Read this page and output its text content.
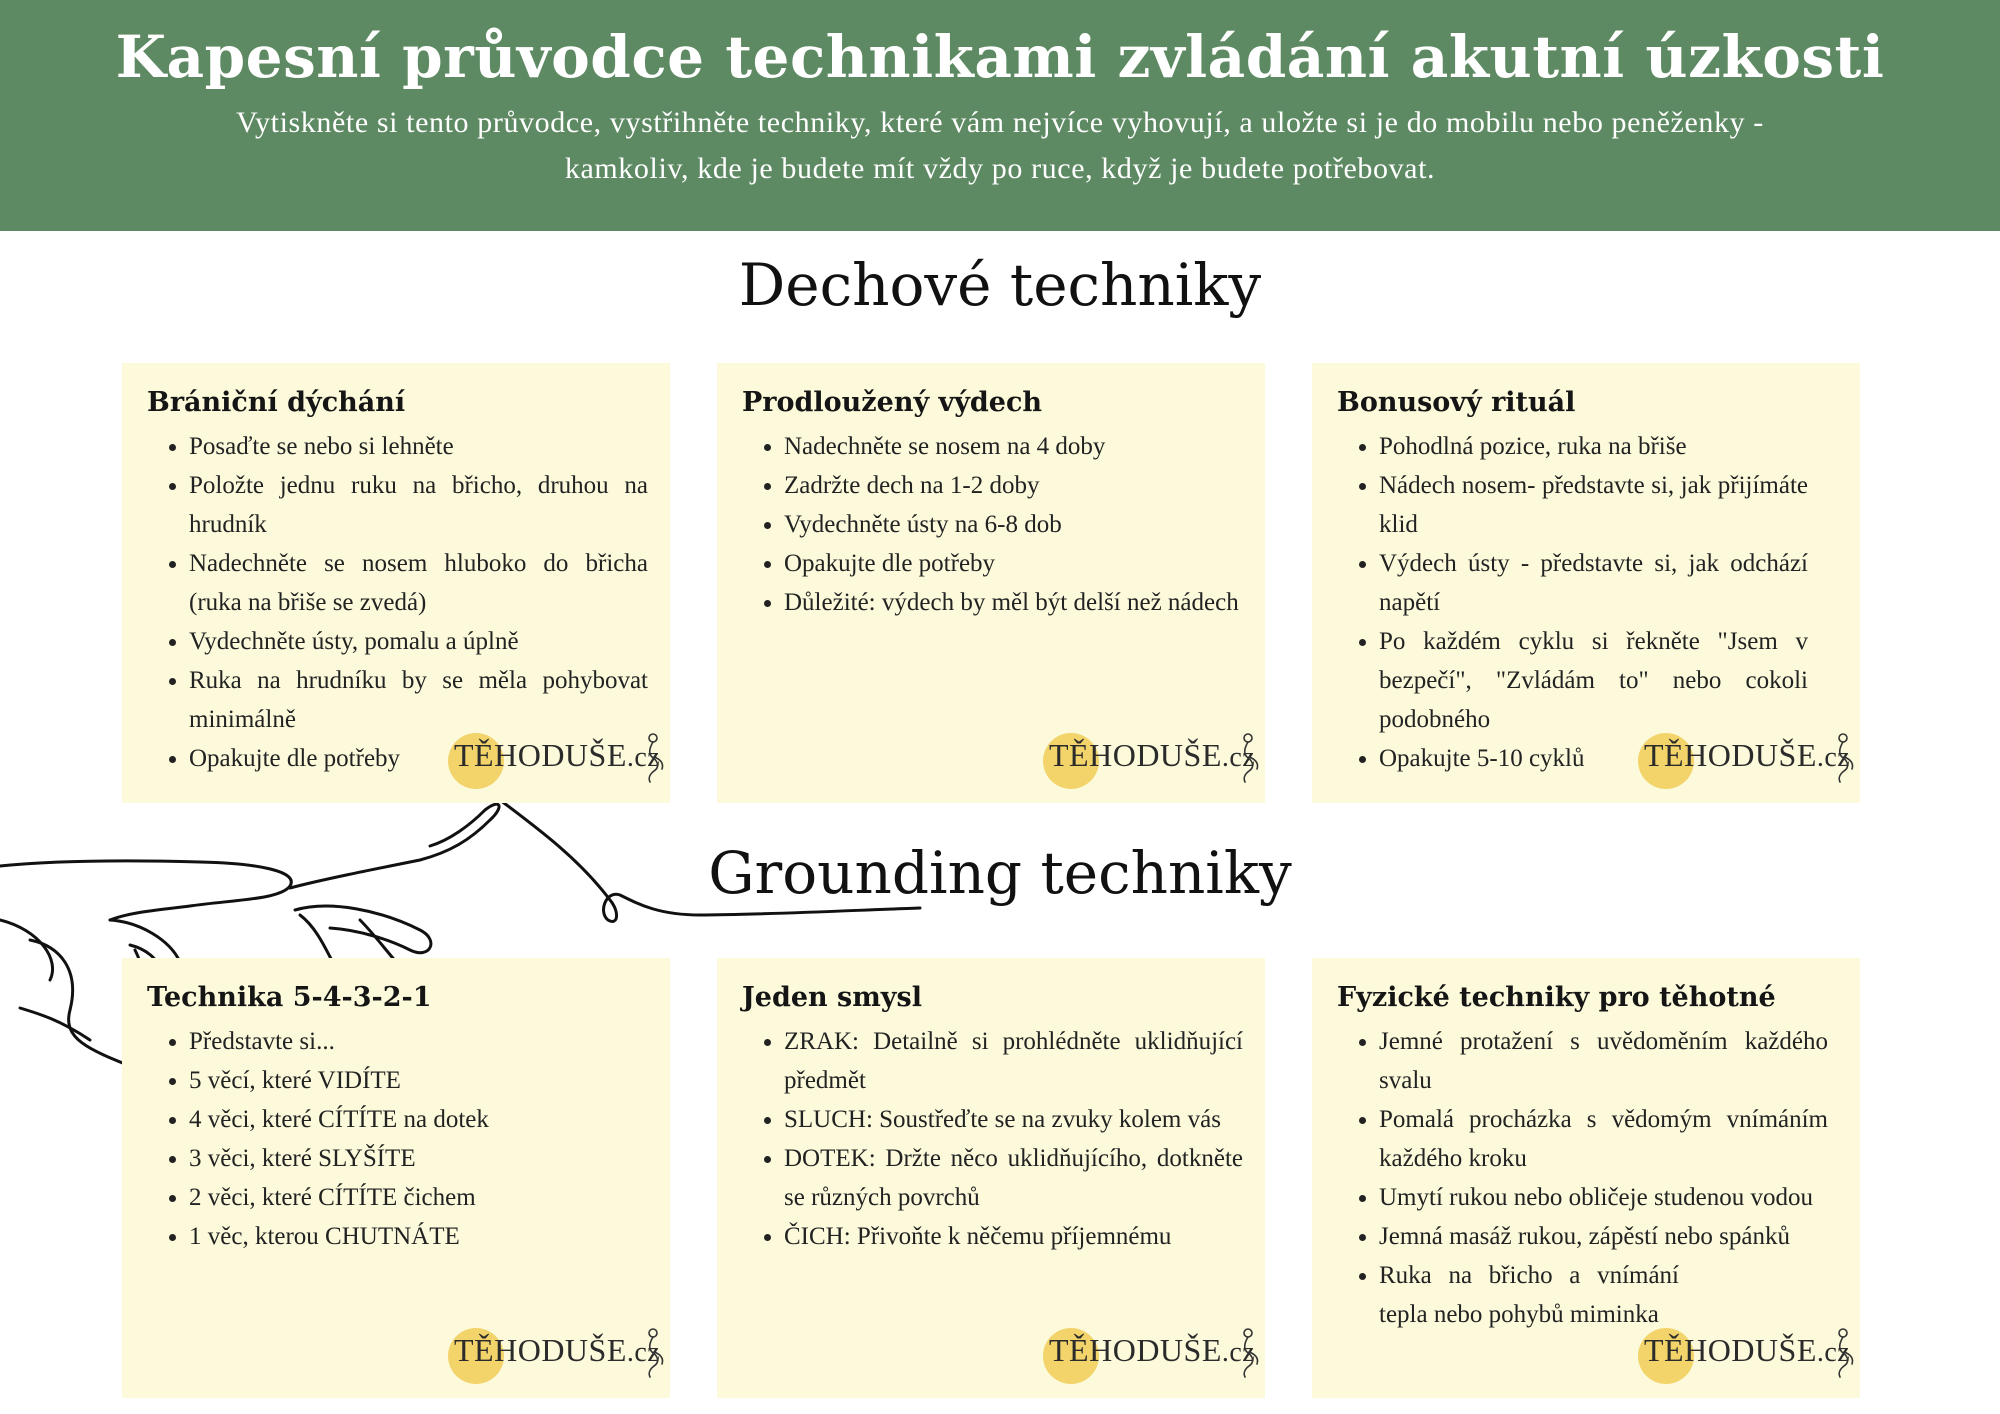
Kapesní průvodce technikami zvládání akutní úzkosti
Vytiskněte si tento průvodce, vystřihněte techniky, které vám nejvíce vyhovují, a uložte si je do mobilu nebo peněženky - kamkoliv, kde je budete mít vždy po ruce, když je budete potřebovat.
Dechové techniky
Brániční dýchání
• Posaďte se nebo si lehněte
• Položte jednu ruku na břicho, druhou na hrudník
• Nadechněte se nosem hluboko do břicha (ruka na břiše se zvedá)
• Vydechněte ústy, pomalu a úplně
• Ruka na hrudníku by se měla pohybovat minimálně
• Opakujte dle potřeby	TĚHODUŠE.cz
Prodloužený výdech
• Nadechněte se nosem na 4 doby
• Zadržte dech na 1-2 doby
• Vydechněte ústy na 6-8 dob
• Opakujte dle potřeby
• Důležité: výdech by měl být delší než nádech
TĚHODUŠE.cz
Bonusový rituál
• Pohodlná pozice, ruka na břiše
• Nádech nosem- představte si, jak přijímáte klid
• Výdech ústy - představte si, jak odchází napětí
• Po každém cyklu si řekněte "Jsem v bezpečí", "Zvládám to" nebo cokoli podobného
• Opakujte 5-10 cyklů	TĚHODUŠE.cz
Grounding techniky
Technika 5-4-3-2-1
• Představte si...
• 5 věcí, které VIDÍTE
• 4 věci, které CÍTÍTE na dotek
• 3 věci, které SLYŠÍTE
• 2 věci, které CÍTÍTE čichem
• 1 věc, kterou CHUTNÁTE
TĚHODUŠE.cz
Jeden smysl
• ZRAK: Detailně si prohlédněte uklidňující předmět
• SLUCH: Soustřeďte se na zvuky kolem vás
• DOTEK: Držte něco uklidňujícího, dotkněte se různých povrchů
• ČICH: Přivoňte k něčemu příjemnému
TĚHODUŠE.cz
Fyzické techniky pro těhotné
• Jemné protažení s uvědoměním každého svalu
• Pomalá procházka s vědomým vnímáním každého kroku
• Umytí rukou nebo obličeje studenou vodou
• Jemná masáž rukou, zápěstí nebo spánků
• Ruka na břicho a vnímání tepla nebo pohybů miminka
TĚHODUŠE.cz
